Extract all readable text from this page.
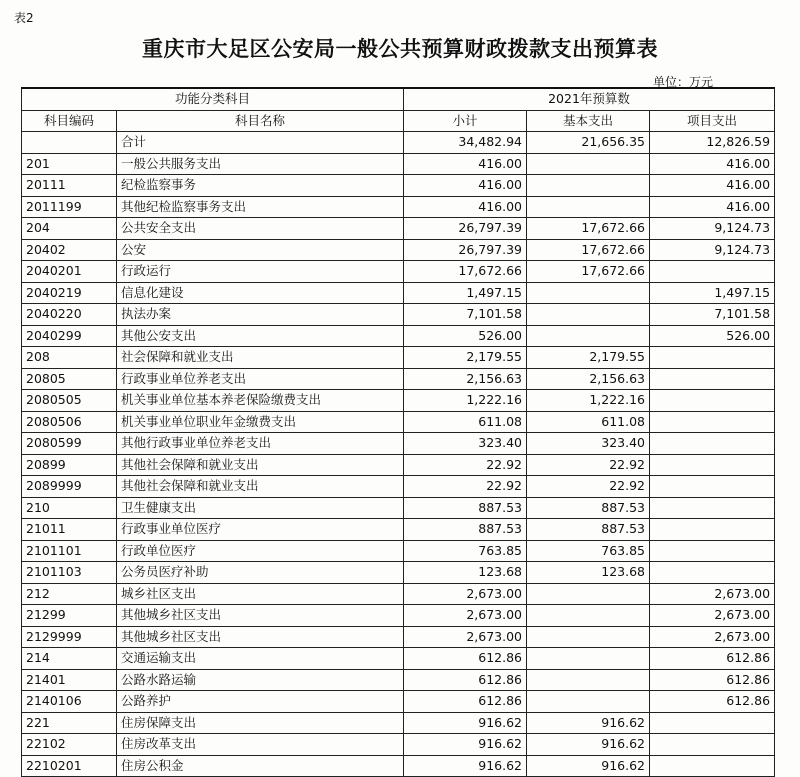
表2
重庆市大足区公安局一般公共预算财政拨款支出预算表
单位：万元
功能分类科目		2021年预算数		
科目编码	科目名称	小计	基本支出	项目支出
	合计	34,482.94	21,656.35	12,826.59
201	一般公共服务支出	416.00		416.00
20111	纪检监察事务	416.00		416.00
2011199	其他纪检监察事务支出	416.00		416.00
204	公共安全支出	26,797.39	17,672.66	9,124.73
20402	公安	26,797.39	17,672.66	9,124.73
2040201	行政运行	17,672.66	17,672.66	
2040219	信息化建设	1,497.15		1,497.15
2040220	执法办案	7,101.58		7,101.58
2040299	其他公安支出	526.00		526.00
208	社会保障和就业支出	2,179.55	2,179.55	
20805	行政事业单位养老支出	2,156.63	2,156.63	
2080505	机关事业单位基本养老保险缴费支出	1,222.16	1,222.16	
2080506	机关事业单位职业年金缴费支出	611.08	611.08	
2080599	其他行政事业单位养老支出	323.40	323.40	
20899	其他社会保障和就业支出	22.92	22.92	
2089999	其他社会保障和就业支出	22.92	22.92	
210	卫生健康支出	887.53	887.53	
21011	行政事业单位医疗	887.53	887.53	
2101101	行政单位医疗	763.85	763.85	
2101103	公务员医疗补助	123.68	123.68	
212	城乡社区支出	2,673.00		2,673.00
21299	其他城乡社区支出	2,673.00		2,673.00
2129999	其他城乡社区支出	2,673.00		2,673.00
214	交通运输支出	612.86		612.86
21401	公路水路运输	612.86		612.86
2140106	公路养护	612.86		612.86
221	住房保障支出	916.62	916.62	
22102	住房改革支出	916.62	916.62	
2210201	住房公积金	916.62	916.62	
